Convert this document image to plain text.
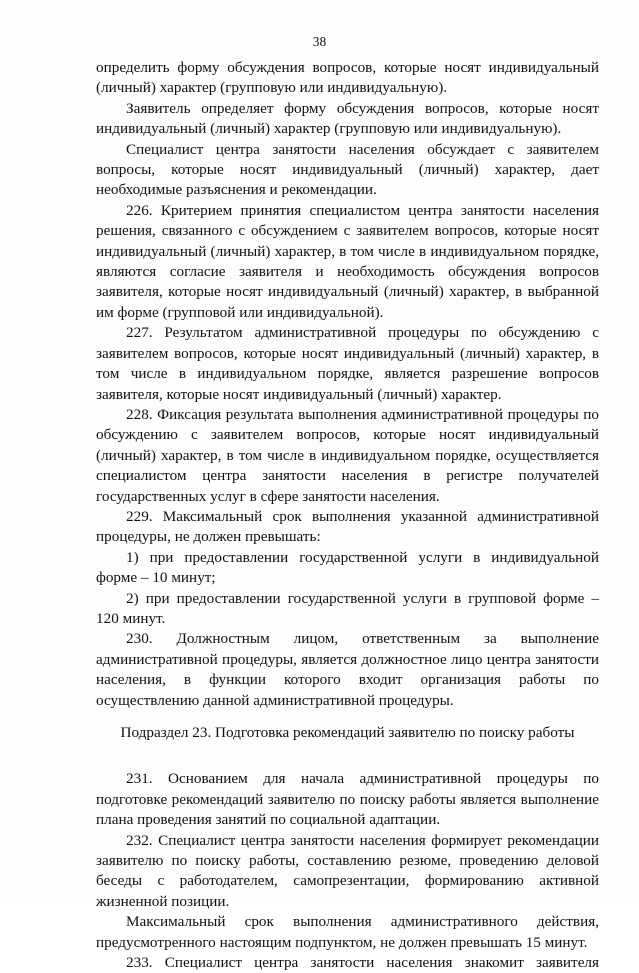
38

определить форму обсуждения вопросов, которые носят индивидуальный (личный) характер (групповую или индивидуальную).

Заявитель определяет форму обсуждения вопросов, которые носят индивидуальный (личный) характер (групповую или индивидуальную).

Специалист центра занятости населения обсуждает с заявителем вопросы, которые носят индивидуальный (личный) характер, дает необходимые разъяснения и рекомендации.

226. Критерием принятия специалистом центра занятости населения решения, связанного с обсуждением с заявителем вопросов, которые носят индивидуальный (личный) характер, в том числе в индивидуальном порядке, являются согласие заявителя и необходимость обсуждения вопросов заявителя, которые носят индивидуальный (личный) характер, в выбранной им форме (групповой или индивидуальной).

227. Результатом административной процедуры по обсуждению с заявителем вопросов, которые носят индивидуальный (личный) характер, в том числе в индивидуальном порядке, является разрешение вопросов заявителя, которые носят индивидуальный (личный) характер.

228. Фиксация результата выполнения административной процедуры по обсуждению с заявителем вопросов, которые носят индивидуальный (личный) характер, в том числе в индивидуальном порядке, осуществляется специалистом центра занятости населения в регистре получателей государственных услуг в сфере занятости населения.

229. Максимальный срок выполнения указанной административной процедуры, не должен превышать:

1) при предоставлении государственной услуги в индивидуальной форме – 10 минут;

2) при предоставлении государственной услуги в групповой форме – 120 минут.

230. Должностным лицом, ответственным за выполнение административной процедуры, является должностное лицо центра занятости населения, в функции которого входит организация работы по осуществлению данной административной процедуры.

Подраздел 23. Подготовка рекомендаций заявителю по поиску работы

231. Основанием для начала административной процедуры по подготовке рекомендаций заявителю по поиску работы является выполнение плана проведения занятий по социальной адаптации.

232. Специалист центра занятости населения формирует рекомендации заявителю по поиску работы, составлению резюме, проведению деловой беседы с работодателем, самопрезентации, формированию активной жизненной позиции.

Максимальный срок выполнения административного действия, предусмотренного настоящим подпунктом, не должен превышать 15 минут.

233. Специалист центра занятости населения знакомит заявителя
